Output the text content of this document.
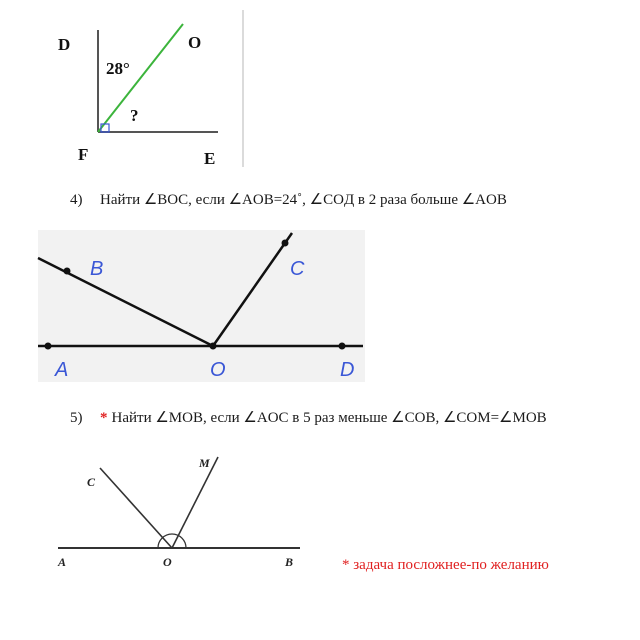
D	O
F	E
28°
?
4) Найти ∠BOC, если ∠AOB=24˚, ∠COД в 2 раза больше ∠AOB
B	C
A	O	D
5) * Найти ∠MOB, если ∠AOC в 5 раз меньше ∠COB, ∠COM=∠MOB
C
M
A	O	B	* задача посложнее-по желанию
